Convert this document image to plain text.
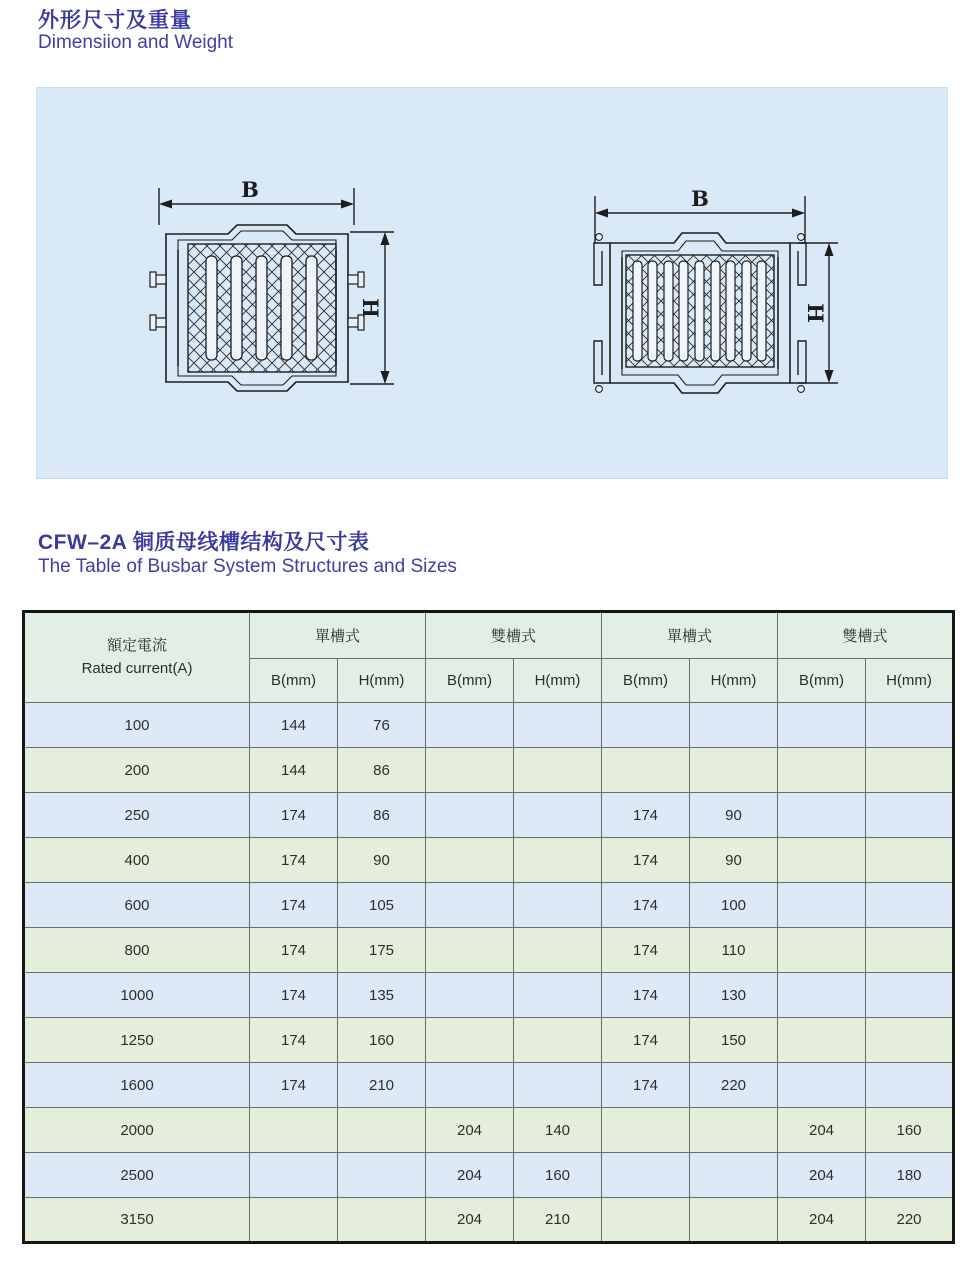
外形尺寸及重量
Dimensiion and Weight
B
H
B
H
CFW–2A 铜质母线槽结构及尺寸表
The Table of Busbar System Structures and Sizes
額定電流
Rated current(A)	單槽式		雙槽式		單槽式		雙槽式	
	B(mm)	H(mm)	B(mm)	H(mm)	B(mm)	H(mm)	B(mm)	H(mm)
100	144	76						
200	144	86						
250	174	86			174	90		
400	174	90			174	90		
600	174	105			174	100		
800	174	175			174	110		
1000	174	135			174	130		
1250	174	160			174	150		
1600	174	210			174	220		
2000			204	140			204	160
2500			204	160			204	180
3150			204	210			204	220
